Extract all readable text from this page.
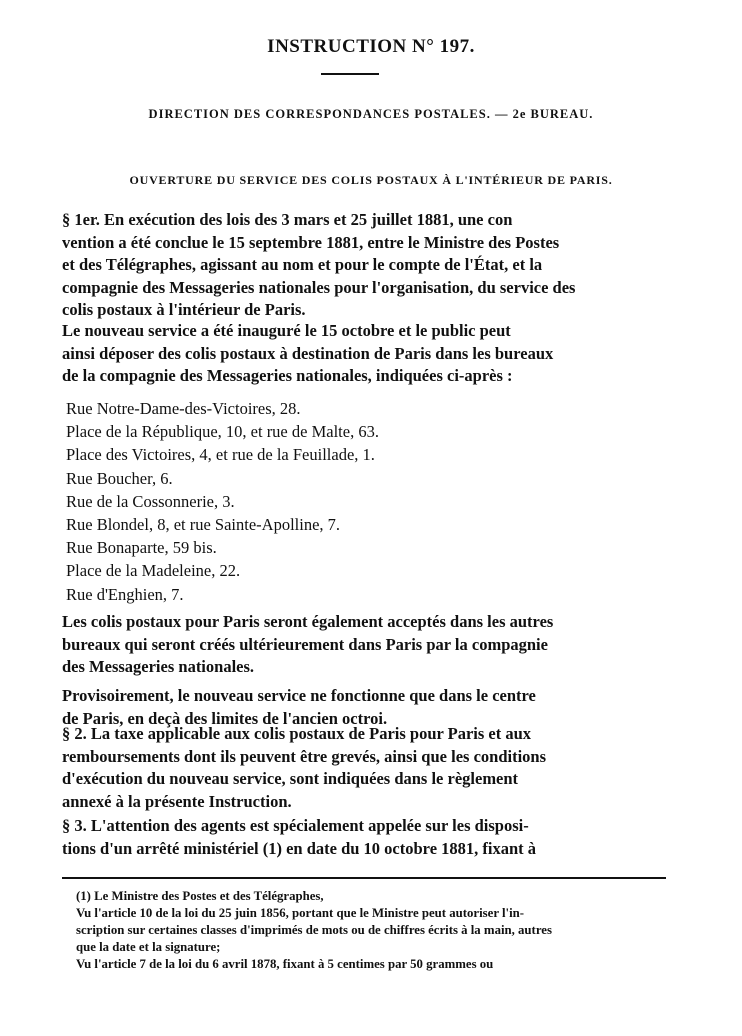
INSTRUCTION N° 197.
DIRECTION DES CORRESPONDANCES POSTALES. — 2e BUREAU.
OUVERTURE DU SERVICE DES COLIS POSTAUX À L'INTÉRIEUR DE PARIS.
§ 1er. En exécution des lois des 3 mars et 25 juillet 1881, une con
vention a été conclue le 15 septembre 1881, entre le Ministre des Postes
et des Télégraphes, agissant au nom et pour le compte de l'État, et la
compagnie des Messageries nationales pour l'organisation, du service des
colis postaux à l'intérieur de Paris.
Le nouveau service a été inauguré le 15 octobre et le public peut
ainsi déposer des colis postaux à destination de Paris dans les bureaux
de la compagnie des Messageries nationales, indiquées ci-après :
Rue Notre-Dame-des-Victoires, 28.
Place de la République, 10, et rue de Malte, 63.
Place des Victoires, 4, et rue de la Feuillade, 1.
Rue Boucher, 6.
Rue de la Cossonnerie, 3.
Rue Blondel, 8, et rue Sainte-Apolline, 7.
Rue Bonaparte, 59 bis.
Place de la Madeleine, 22.
Rue d'Enghien, 7.
Les colis postaux pour Paris seront également acceptés dans les autres
bureaux qui seront créés ultérieurement dans Paris par la compagnie
des Messageries nationales.
Provisoirement, le nouveau service ne fonctionne que dans le centre
de Paris, en deçà des limites de l'ancien octroi.
§ 2. La taxe applicable aux colis postaux de Paris pour Paris et aux
remboursements dont ils peuvent être grevés, ainsi que les conditions
d'exécution du nouveau service, sont indiquées dans le règlement
annexé à la présente Instruction.
§ 3. L'attention des agents est spécialement appelée sur les disposi-
tions d'un arrêté ministériel (1) en date du 10 octobre 1881, fixant à
(1) Le Ministre des Postes et des Télégraphes,
Vu l'article 10 de la loi du 25 juin 1856, portant que le Ministre peut autoriser l'in-
scription sur certaines classes d'imprimés de mots ou de chiffres écrits à la main, autres
que la date et la signature;
Vu l'article 7 de la loi du 6 avril 1878, fixant à 5 centimes par 50 grammes ou
